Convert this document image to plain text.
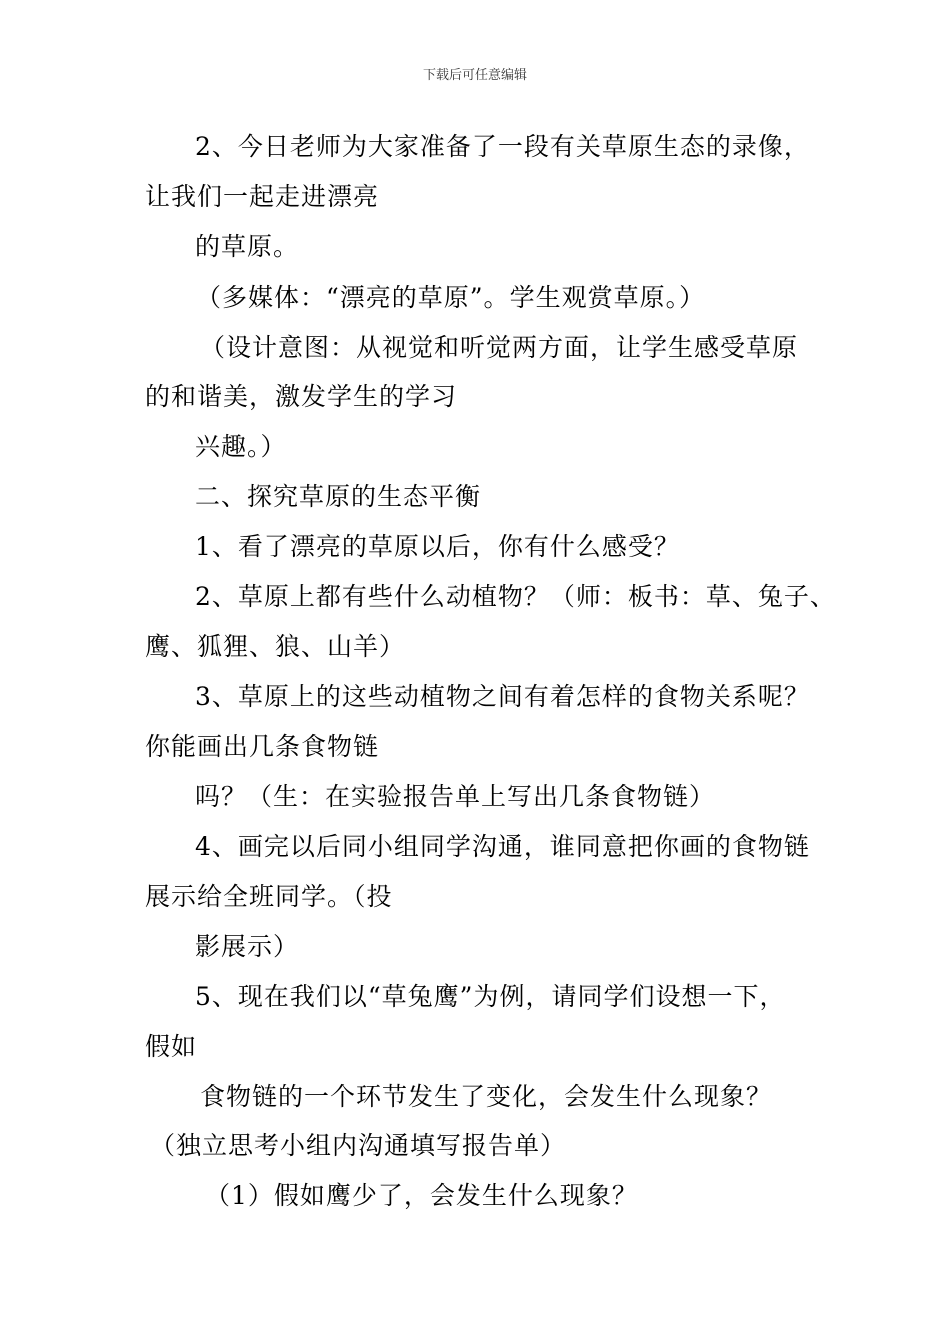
下载后可任意编辑
2、今日老师为大家准备了一段有关草原生态的录像，
让我们一起走进漂亮
的草原。
（多媒体：“漂亮的草原”。学生观赏草原。）
（设计意图：从视觉和听觉两方面，让学生感受草原
的和谐美，激发学生的学习
兴趣。）
二、探究草原的生态平衡
1、看了漂亮的草原以后，你有什么感受？
2、草原上都有些什么动植物？（师：板书：草、兔子、
鹰、狐狸、狼、山羊）
3、草原上的这些动植物之间有着怎样的食物关系呢？
你能画出几条食物链
吗？（生：在实验报告单上写出几条食物链）
4、画完以后同小组同学沟通，谁同意把你画的食物链
展示给全班同学。（投
影展示）
5、现在我们以“草兔鹰”为例，请同学们设想一下，
假如
食物链的一个环节发生了变化，会发生什么现象？
（独立思考小组内沟通填写报告单）
（1）假如鹰少了，会发生什么现象？
